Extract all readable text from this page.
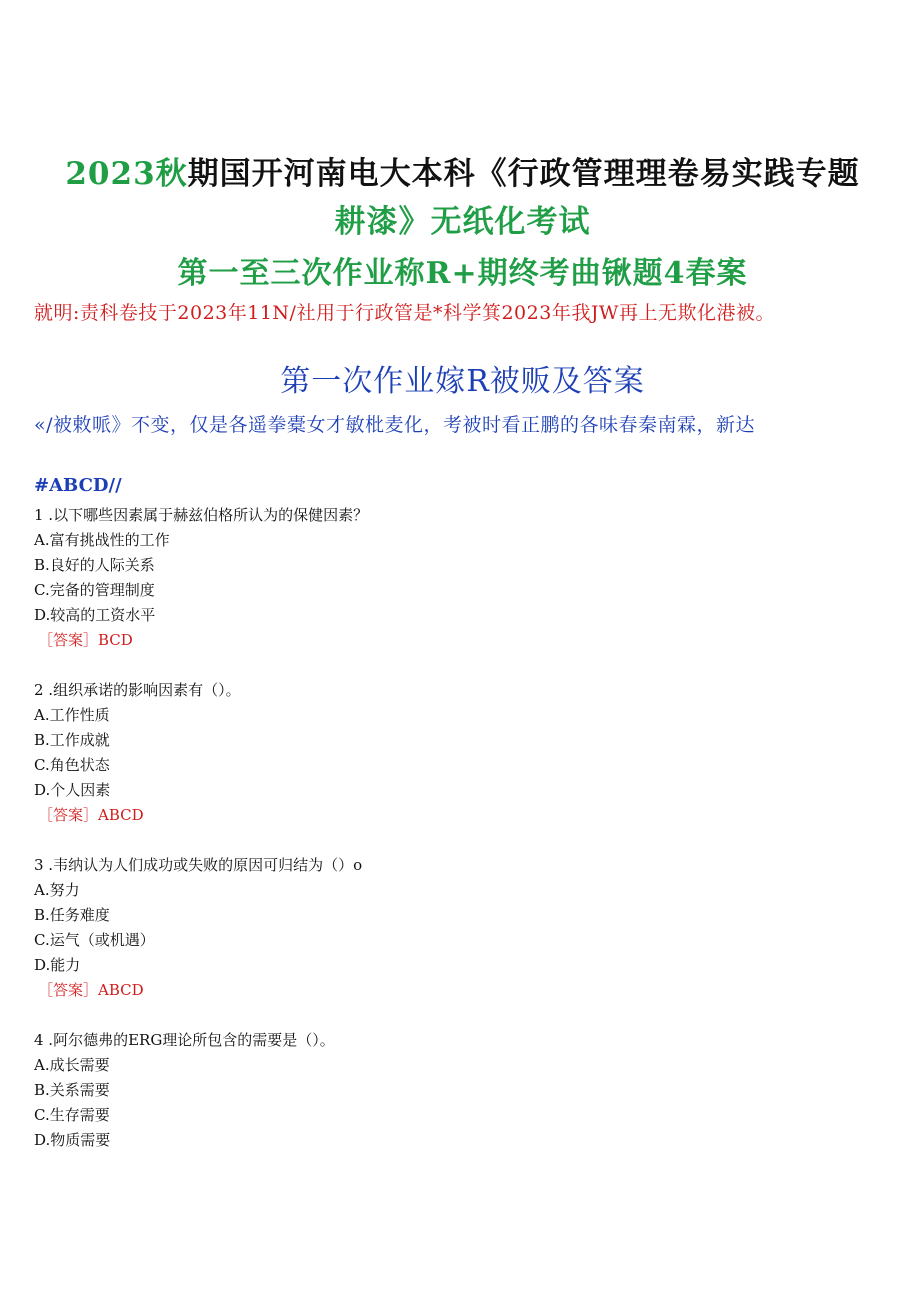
2023秋期国开河南电大本科《行政管理理卷易实践专题
耕漆》无纸化考试
第一至三次作业称R+期终考曲锹题4春案
就明:责科卷技于2023年11N/社用于行政管是*科学箕2023年我JW再上无欺化港被。
第一次作业嫁R被贩及答案
«/被敕哌》不变，仅是各遥拳橐女才敏枇麦化，考被时看正鹏的各味春秦南霖，新达
#ABCD//
1 .以下哪些因素属于赫兹伯格所认为的保健因素？
A.富有挑战性的工作
B.良好的人际关系
C.完备的管理制度
D.较高的工资水平
［答案］BCD
2 .组织承诺的影响因素有（）。
A.工作性质
B.工作成就
C.角色状态
D.个人因素
［答案］ABCD
3 .韦纳认为人们成功或失败的原因可归结为（）o
A.努力
B.任务难度
C.运气（或机遇）
D.能力
［答案］ABCD
4 .阿尔德弗的ERG理论所包含的需要是（）。
A.成长需要
B.关系需要
C.生存需要
D.物质需要
